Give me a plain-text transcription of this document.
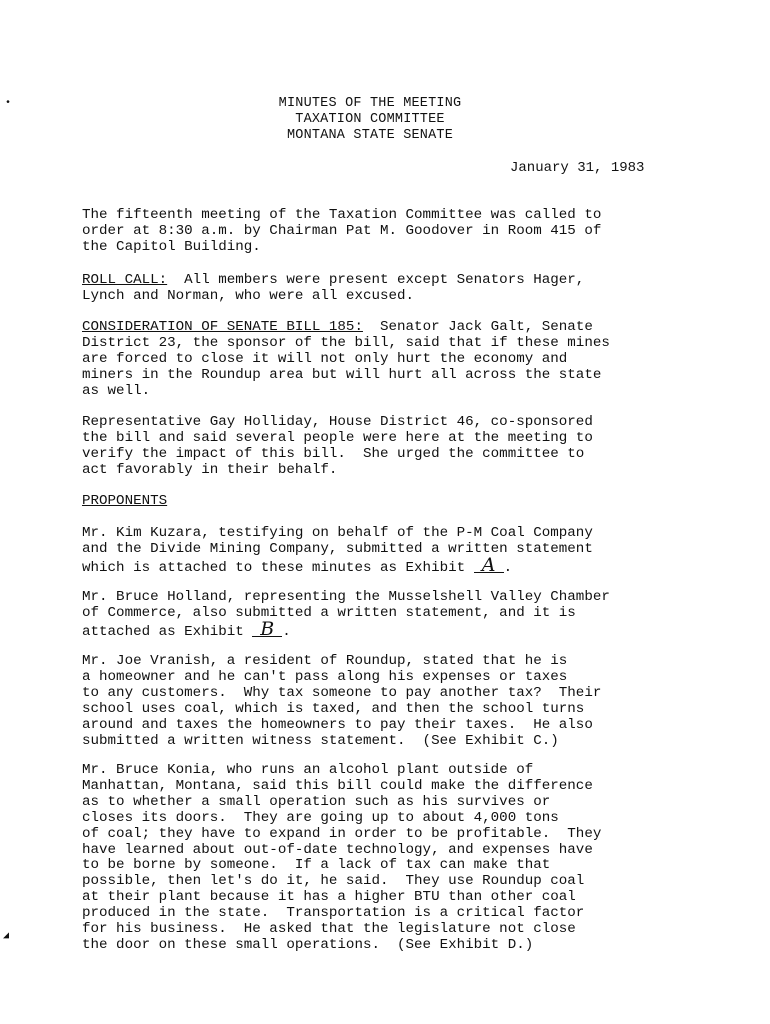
•
◢
MINUTES OF THE MEETING
TAXATION COMMITTEE
MONTANA STATE SENATE
January 31, 1983
The fifteenth meeting of the Taxation Committee was called to
order at 8:30 a.m. by Chairman Pat M. Goodover in Room 415 of
the Capitol Building.
ROLL CALL:  All members were present except Senators Hager,
Lynch and Norman, who were all excused.
CONSIDERATION OF SENATE BILL 185:  Senator Jack Galt, Senate
District 23, the sponsor of the bill, said that if these mines
are forced to close it will not only hurt the economy and
miners in the Roundup area but will hurt all across the state
as well.
Representative Gay Holliday, House District 46, co-sponsored
the bill and said several people were here at the meeting to
verify the impact of this bill.  She urged the committee to
act favorably in their behalf.
PROPONENTS
Mr. Kim Kuzara, testifying on behalf of the P-M Coal Company
and the Divide Mining Company, submitted a written statement
which is attached to these minutes as Exhibit A .
Mr. Bruce Holland, representing the Musselshell Valley Chamber
of Commerce, also submitted a written statement, and it is
attached as Exhibit B .
Mr. Joe Vranish, a resident of Roundup, stated that he is
a homeowner and he can't pass along his expenses or taxes
to any customers.  Why tax someone to pay another tax?  Their
school uses coal, which is taxed, and then the school turns
around and taxes the homeowners to pay their taxes.  He also
submitted a written witness statement.  (See Exhibit C.)
Mr. Bruce Konia, who runs an alcohol plant outside of
Manhattan, Montana, said this bill could make the difference
as to whether a small operation such as his survives or
closes its doors.  They are going up to about 4,000 tons
of coal; they have to expand in order to be profitable.  They
have learned about out-of-date technology, and expenses have
to be borne by someone.  If a lack of tax can make that
possible, then let's do it, he said.  They use Roundup coal
at their plant because it has a higher BTU than other coal
produced in the state.  Transportation is a critical factor
for his business.  He asked that the legislature not close
the door on these small operations.  (See Exhibit D.)
